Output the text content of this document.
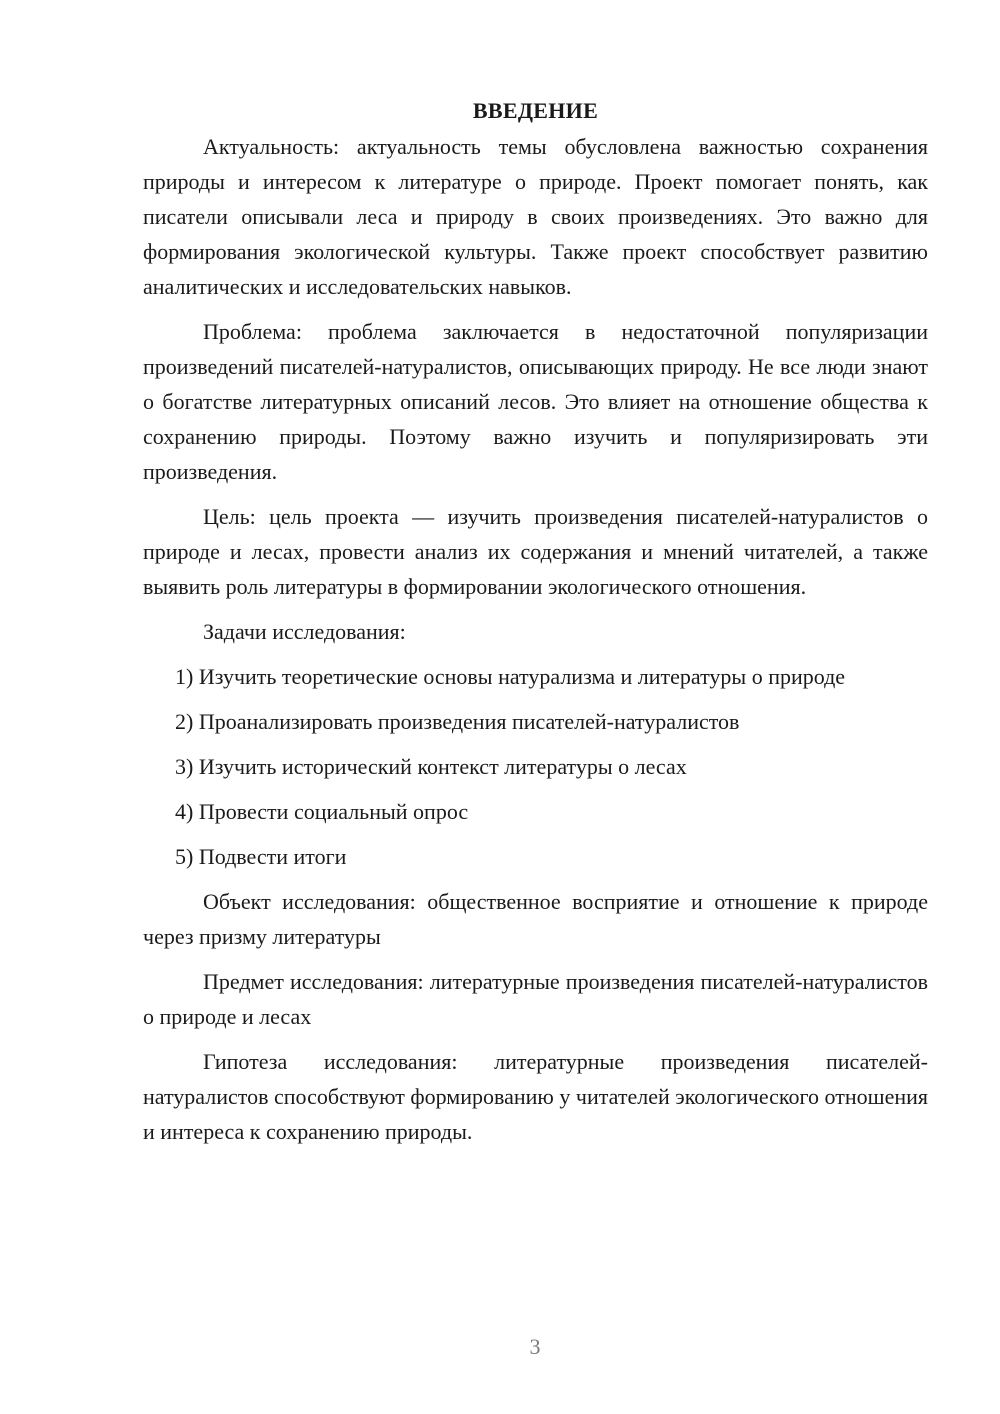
ВВЕДЕНИЕ

Актуальность: актуальность темы обусловлена важностью сохранения природы и интересом к литературе о природе. Проект помогает понять, как писатели описывали леса и природу в своих произведениях. Это важно для формирования экологической культуры. Также проект способствует развитию аналитических и исследовательских навыков.

Проблема: проблема заключается в недостаточной популяризации произведений писателей-натуралистов, описывающих природу. Не все люди знают о богатстве литературных описаний лесов. Это влияет на отношение общества к сохранению природы. Поэтому важно изучить и популяризировать эти произведения.

Цель: цель проекта — изучить произведения писателей-натуралистов о природе и лесах, провести анализ их содержания и мнений читателей, а также выявить роль литературы в формировании экологического отношения.

Задачи исследования:

1) Изучить теоретические основы натурализма и литературы о природе

2) Проанализировать произведения писателей-натуралистов

3) Изучить исторический контекст литературы о лесах

4) Провести социальный опрос

5) Подвести итоги

Объект исследования: общественное восприятие и отношение к природе через призму литературы

Предмет исследования: литературные произведения писателей-натуралистов о природе и лесах

Гипотеза исследования: литературные произведения писателей-натуралистов способствуют формированию у читателей экологического отношения и интереса к сохранению природы.

3
